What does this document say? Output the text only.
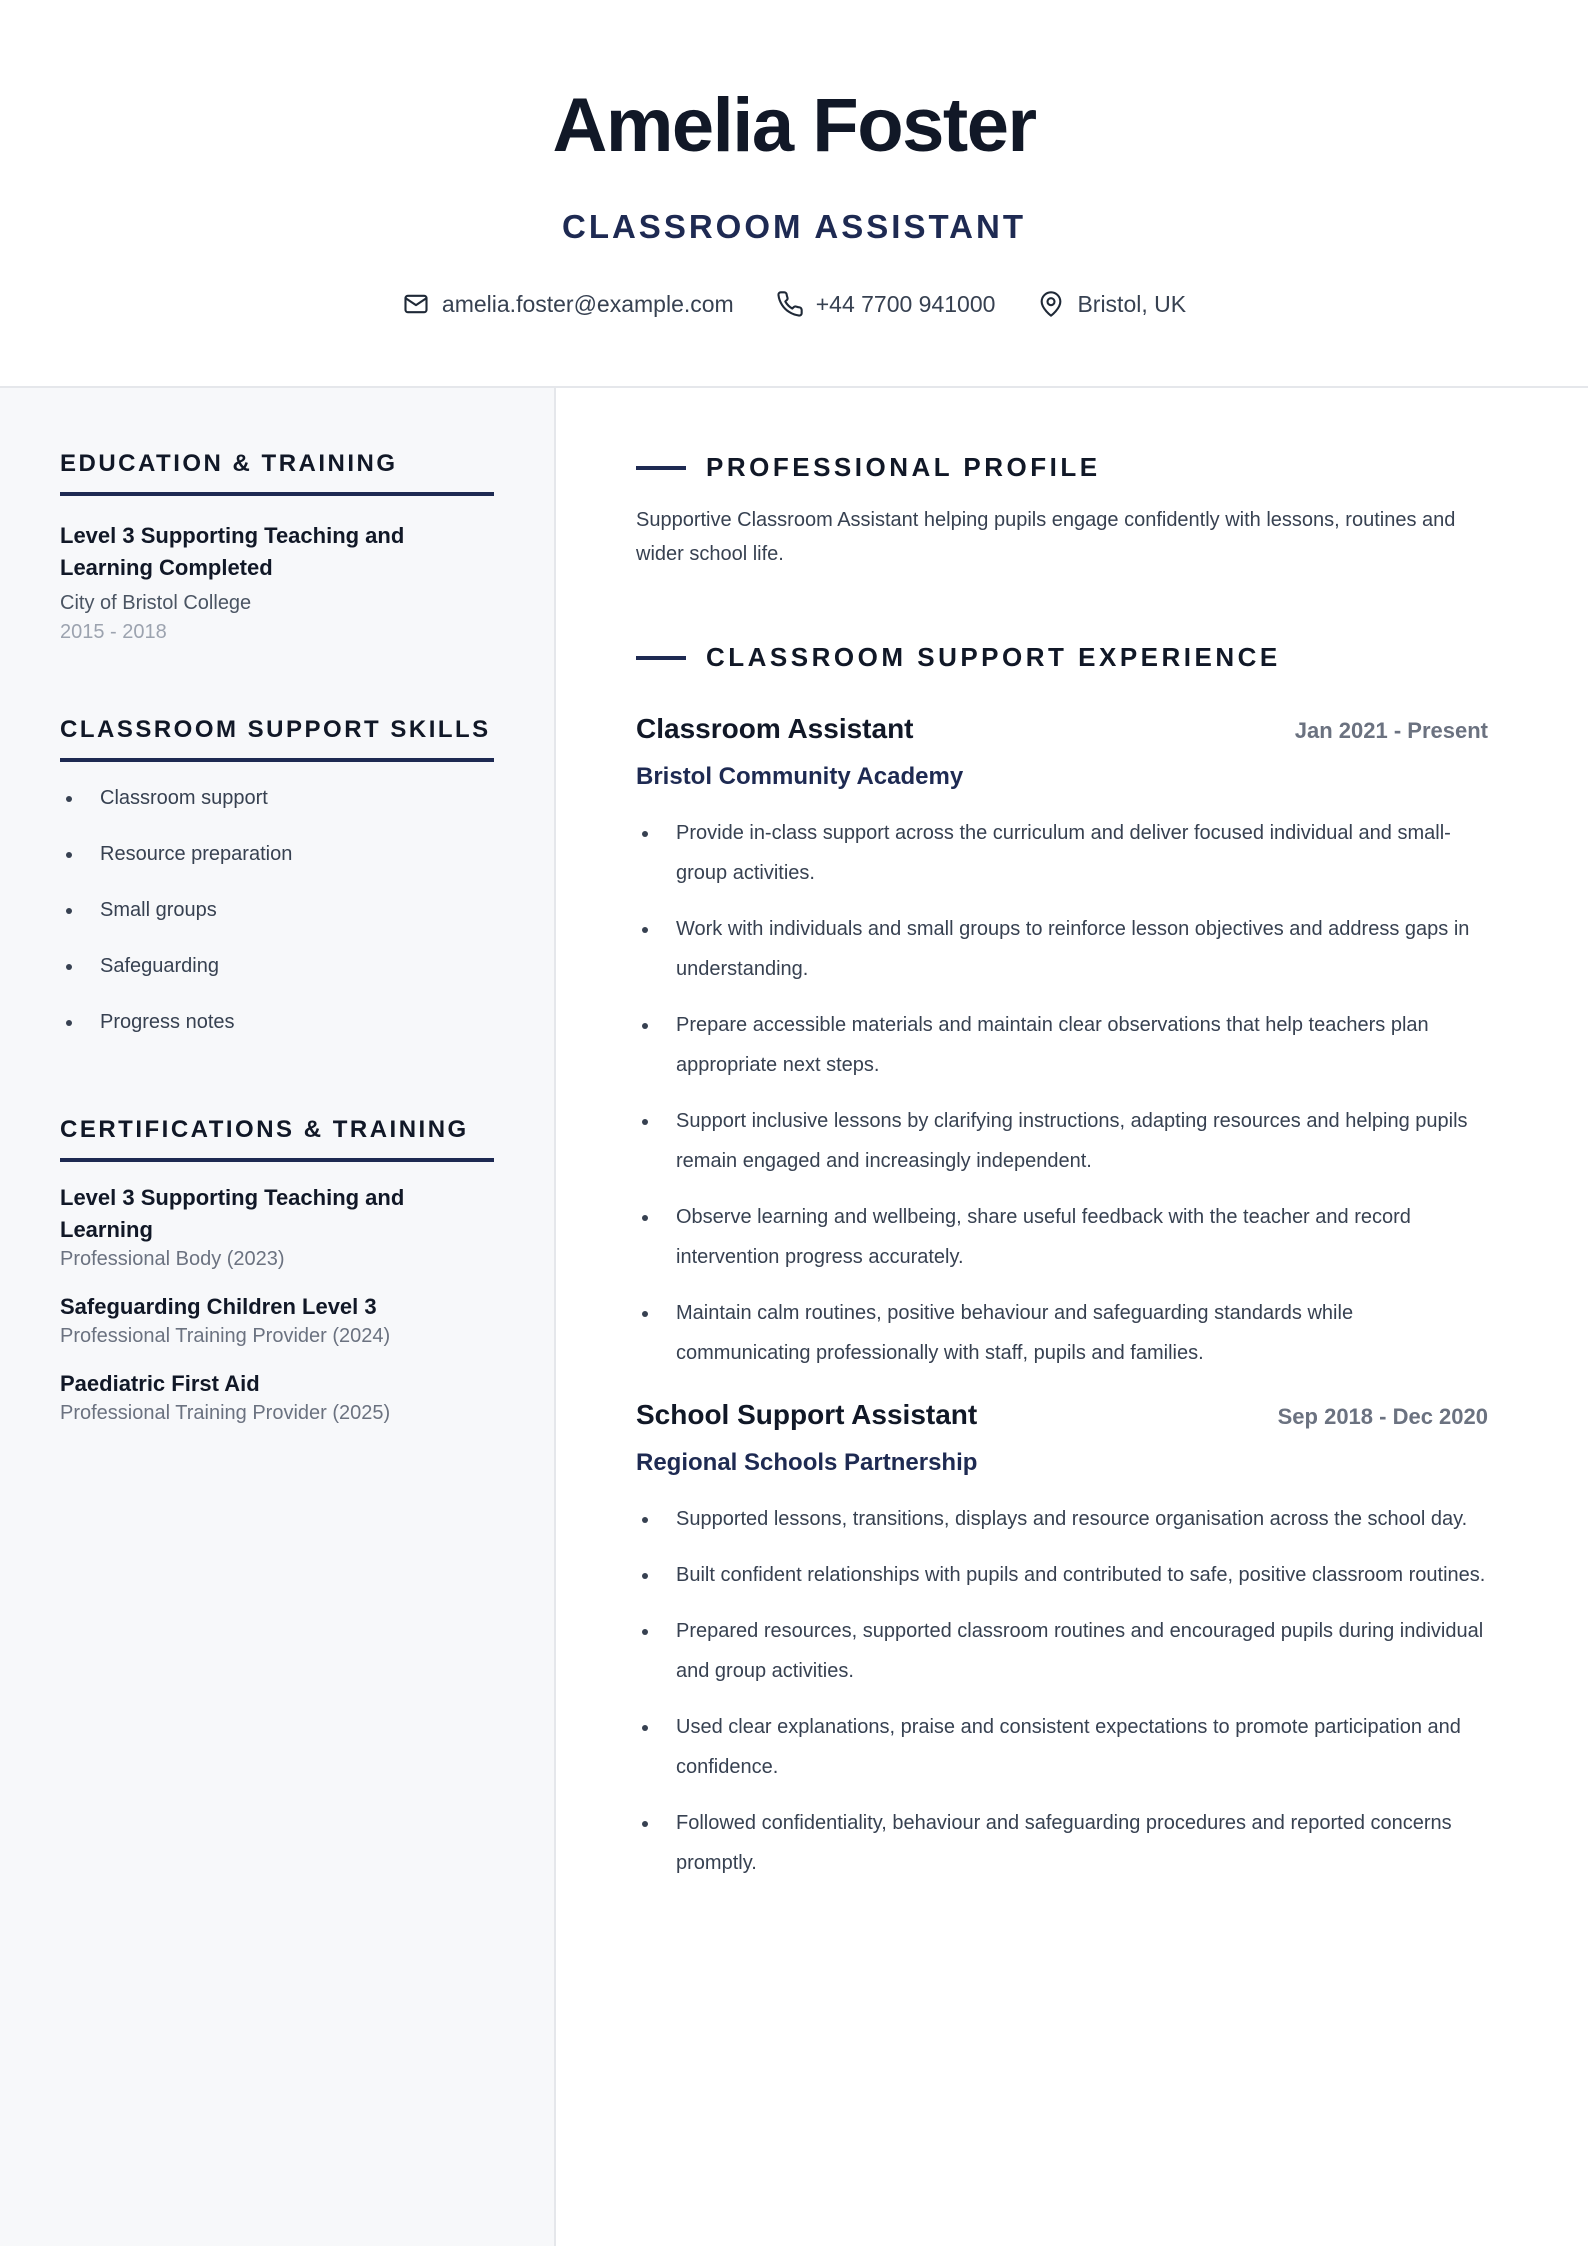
Amelia Foster
CLASSROOM ASSISTANT
amelia.foster@example.com	+44 7700 941000	Bristol, UK
EDUCATION & TRAINING
Level 3 Supporting Teaching and Learning Completed
City of Bristol College
2015 - 2018
CLASSROOM SUPPORT SKILLS
Classroom support
Resource preparation
Small groups
Safeguarding
Progress notes
CERTIFICATIONS & TRAINING
Level 3 Supporting Teaching and Learning
Professional Body (2023)
Safeguarding Children Level 3
Professional Training Provider (2024)
Paediatric First Aid
Professional Training Provider (2025)
PROFESSIONAL PROFILE
Supportive Classroom Assistant helping pupils engage confidently with lessons, routines and wider school life.
CLASSROOM SUPPORT EXPERIENCE
Classroom Assistant	Jan 2021 - Present
Bristol Community Academy
Provide in-class support across the curriculum and deliver focused individual and small-group activities.
Work with individuals and small groups to reinforce lesson objectives and address gaps in understanding.
Prepare accessible materials and maintain clear observations that help teachers plan appropriate next steps.
Support inclusive lessons by clarifying instructions, adapting resources and helping pupils remain engaged and increasingly independent.
Observe learning and wellbeing, share useful feedback with the teacher and record intervention progress accurately.
Maintain calm routines, positive behaviour and safeguarding standards while communicating professionally with staff, pupils and families.
School Support Assistant	Sep 2018 - Dec 2020
Regional Schools Partnership
Supported lessons, transitions, displays and resource organisation across the school day.
Built confident relationships with pupils and contributed to safe, positive classroom routines.
Prepared resources, supported classroom routines and encouraged pupils during individual and group activities.
Used clear explanations, praise and consistent expectations to promote participation and confidence.
Followed confidentiality, behaviour and safeguarding procedures and reported concerns promptly.
